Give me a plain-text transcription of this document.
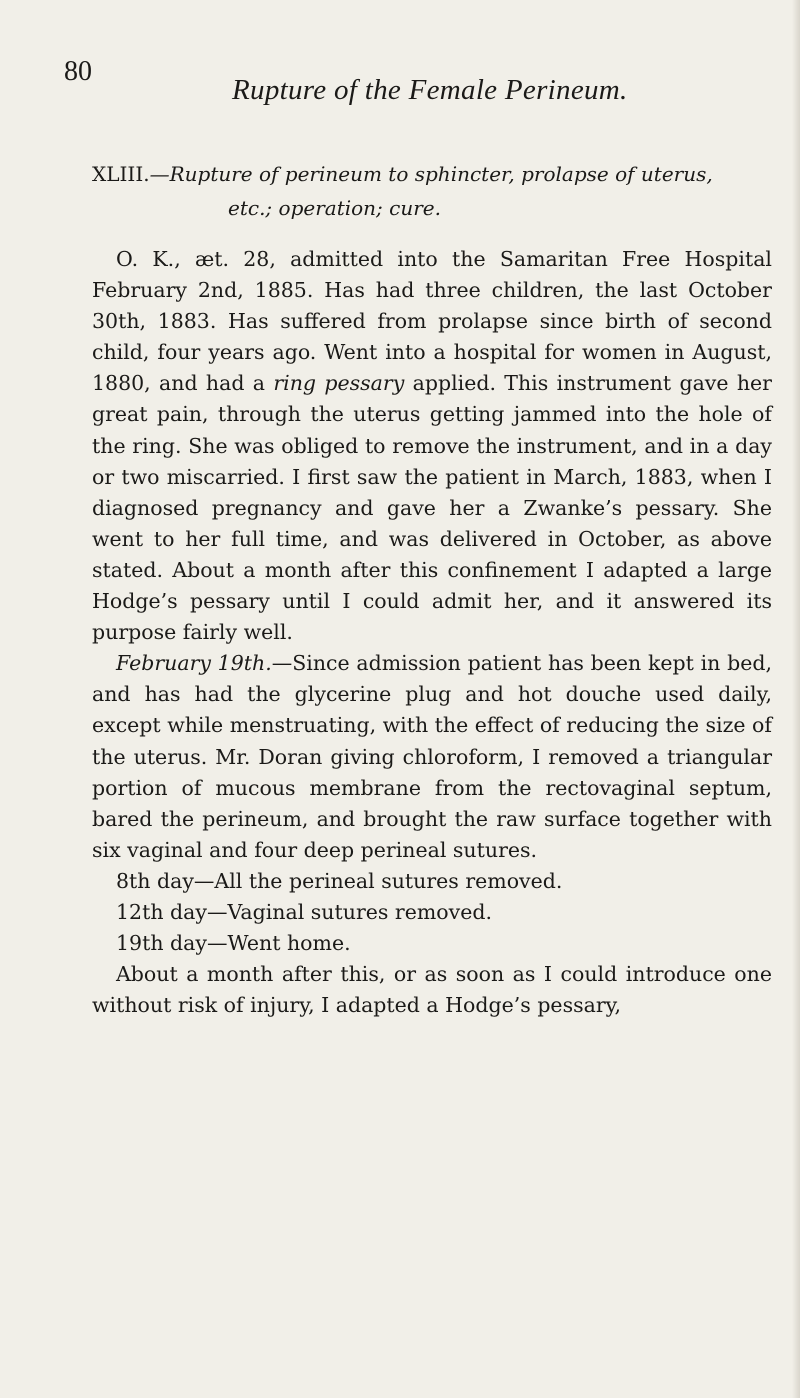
80
Rupture of the Female Perineum.
XLIII.—Rupture of perineum to sphincter, prolapse of uterus,
etc.; operation; cure.

O. K., æt. 28, admitted into the Samaritan Free Hospital February 2nd, 1885. Has had three children, the last October 30th, 1883. Has suffered from prolapse since birth of second child, four years ago. Went into a hospital for women in August, 1880, and had a ring pessary applied. This instrument gave her great pain, through the uterus getting jammed into the hole of the ring. She was obliged to remove the instrument, and in a day or two miscarried. I first saw the patient in March, 1883, when I diagnosed pregnancy and gave her a Zwanke’s pessary. She went to her full time, and was delivered in October, as above stated. About a month after this confinement I adapted a large Hodge’s pessary until I could admit her, and it answered its purpose fairly well.

February 19th.—Since admission patient has been kept in bed, and has had the glycerine plug and hot douche used daily, except while menstruating, with the effect of reducing the size of the uterus. Mr. Doran giving chloroform, I removed a triangular portion of mucous membrane from the rectovaginal septum, bared the perineum, and brought the raw surface together with six vaginal and four deep perineal sutures.

8th day—All the perineal sutures removed.

12th day—Vaginal sutures removed.

19th day—Went home.

About a month after this, or as soon as I could introduce one without risk of injury, I adapted a Hodge’s pessary,
